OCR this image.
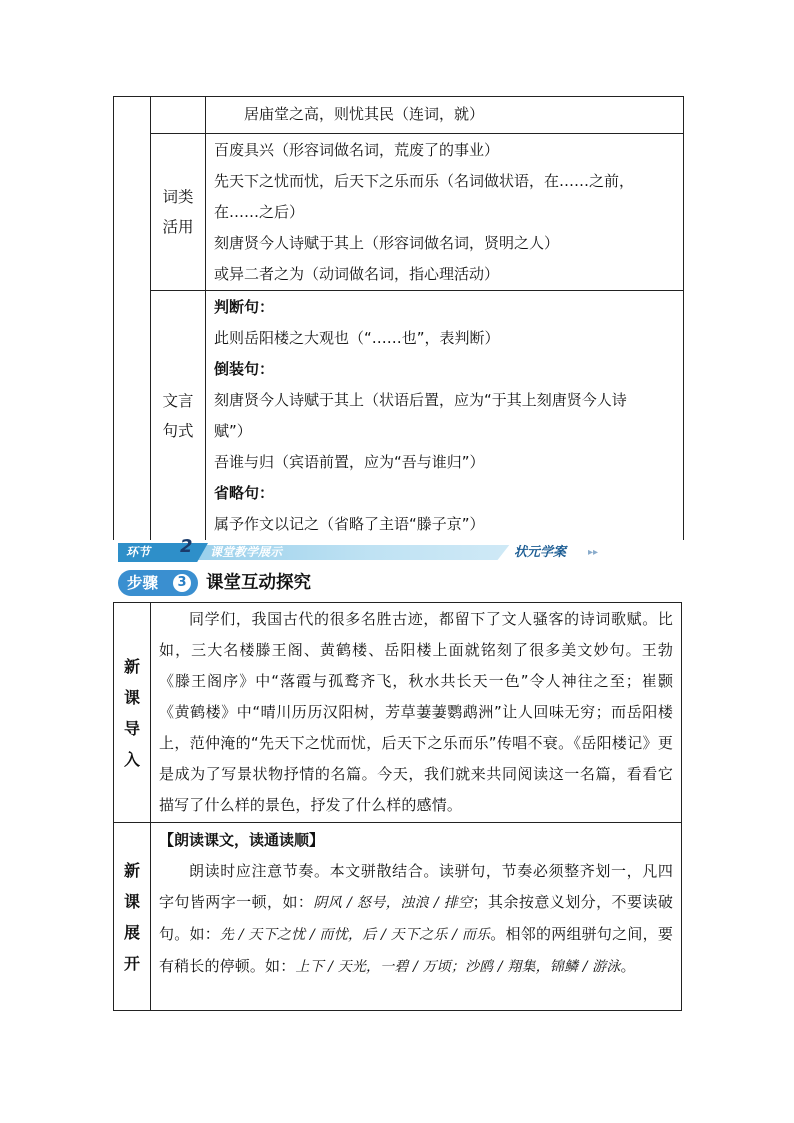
居庙堂之高，则忧其民（连词，就）
词类活用
百废具兴（形容词做名词，荒废了的事业）
先天下之忧而忧，后天下之乐而乐（名词做状语，在……之前，
在……之后）
刻唐贤今人诗赋于其上（形容词做名词，贤明之人）
或异二者之为（动词做名词，指心理活动）
文言句式
判断句：
此则岳阳楼之大观也（“……也”，表判断）
倒装句：
刻唐贤今人诗赋于其上（状语后置，应为“于其上刻唐贤今人诗
赋”）
吾谁与归（宾语前置，应为“吾与谁归”）
省略句：
属予作文以记之（省略了主语“滕子京”）
环节 2 课堂教学展示	状元学案 ▸▸
步骤	3 课堂互动探究
新
课
导
入
同学们，我国古代的很多名胜古迹，都留下了文人骚客的诗词歌赋。比如，三大名楼滕王阁、黄鹤楼、岳阳楼上面就铭刻了很多美文妙句。王勃《滕王阁序》中“落霞与孤鹜齐飞，秋水共长天一色”令人神往之至；崔颢《黄鹤楼》中“晴川历历汉阳树，芳草萋萋鹦鹉洲”让人回味无穷；而岳阳楼上，范仲淹的“先天下之忧而忧，后天下之乐而乐”传唱不衰。《岳阳楼记》更是成为了写景状物抒情的名篇。今天，我们就来共同阅读这一名篇，看看它描写了什么样的景色，抒发了什么样的感情。
新
课
展
开
【朗读课文，读通读顺】
朗读时应注意节奏。本文骈散结合。读骈句，节奏必须整齐划一，凡四字句皆两字一顿，如：阴风 / 怒号，浊浪 / 排空；其余按意义划分，不要读破句。如：先 / 天下之忧 / 而忧，后 / 天下之乐 / 而乐。相邻的两组骈句之间，要有稍长的停顿。如：上下 / 天光，一碧 / 万顷；沙鸥 / 翔集，锦鳞 / 游泳。
